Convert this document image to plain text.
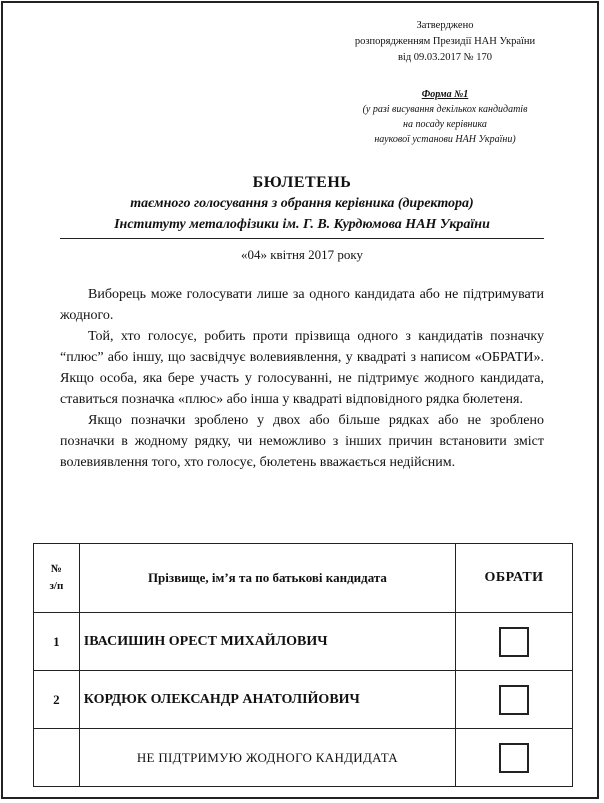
Затверджено
розпорядженням Президії НАН України
від 09.03.2017 № 170
Форма №1
(у разі висування декількох кандидатів
на посаду керівника
наукової установи НАН України)
БЮЛЕТЕНЬ
таємного голосування з обрання керівника (директора)
Інституту металофізики ім. Г. В. Курдюмова НАН України
«04» квітня 2017 року

Виборець може голосувати лише за одного кандидата або не підтримувати жодного.

Той, хто голосує, робить проти прізвища одного з кандидатів позначку “плюс” або іншу, що засвідчує волевиявлення, у квадраті з написом «ОБРАТИ». Якщо особа, яка бере участь у голосуванні, не підтримує жодного кандидата, ставиться позначка «плюс» або інша у квадраті відповідного рядка бюлетеня.

Якщо позначки зроблено у двох або більше рядках або не зроблено позначки в жодному рядку, чи неможливо з інших причин встановити зміст волевиявлення того, хто голосує, бюлетень вважається недійсним.

№
з/п	Прізвище, ім’я та по батькові кандидата	ОБРАТИ
1	ІВАСИШИН ОРЕСТ МИХАЙЛОВИЧ	
2	КОРДЮК ОЛЕКСАНДР АНАТОЛІЙОВИЧ	
	НЕ ПІДТРИМУЮ ЖОДНОГО КАНДИДАТА	
